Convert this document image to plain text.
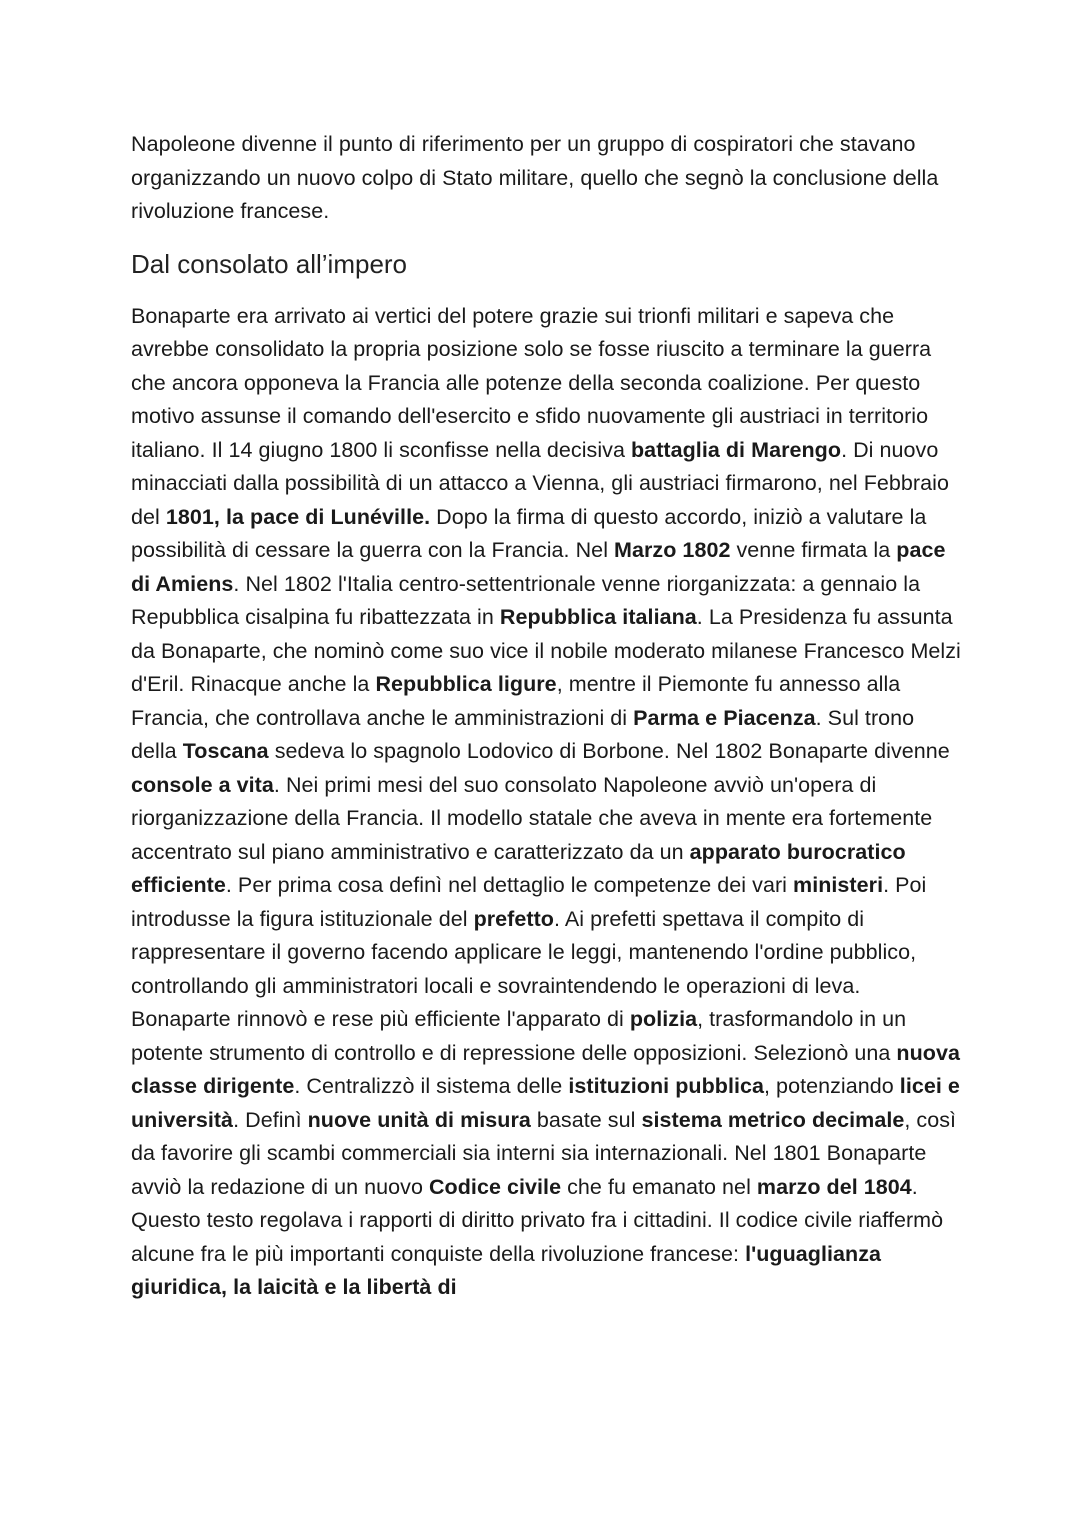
Napoleone divenne il punto di riferimento per un gruppo di cospiratori che stavano organizzando un nuovo colpo di Stato militare, quello che segnò la conclusione della rivoluzione francese.

Dal consolato all’impero

Bonaparte era arrivato ai vertici del potere grazie sui trionfi militari e sapeva che avrebbe consolidato la propria posizione solo se fosse riuscito a terminare la guerra che ancora opponeva la Francia alle potenze della seconda coalizione. Per questo motivo assunse il comando dell'esercito e sfido nuovamente gli austriaci in territorio italiano. Il 14 giugno 1800 li sconfisse nella decisiva battaglia di Marengo. Di nuovo minacciati dalla possibilità di un attacco a Vienna, gli austriaci firmarono, nel Febbraio del 1801, la pace di Lunéville. Dopo la firma di questo accordo, iniziò a valutare la possibilità di cessare la guerra con la Francia. Nel Marzo 1802 venne firmata la pace di Amiens. Nel 1802 l'Italia centro-settentrionale venne riorganizzata: a gennaio la Repubblica cisalpina fu ribattezzata in Repubblica italiana. La Presidenza fu assunta da Bonaparte, che nominò come suo vice il nobile moderato milanese Francesco Melzi d'Eril. Rinacque anche la Repubblica ligure, mentre il Piemonte fu annesso alla Francia, che controllava anche le amministrazioni di Parma e Piacenza. Sul trono della Toscana sedeva lo spagnolo Lodovico di Borbone. Nel 1802 Bonaparte divenne console a vita. Nei primi mesi del suo consolato Napoleone avviò un'opera di riorganizzazione della Francia. Il modello statale che aveva in mente era fortemente accentrato sul piano amministrativo e caratterizzato da un apparato burocratico efficiente. Per prima cosa definì nel dettaglio le competenze dei vari ministeri. Poi introdusse la figura istituzionale del prefetto. Ai prefetti spettava il compito di rappresentare il governo facendo applicare le leggi, mantenendo l'ordine pubblico, controllando gli amministratori locali e sovraintendendo le operazioni di leva. Bonaparte rinnovò e rese più efficiente l'apparato di polizia, trasformandolo in un potente strumento di controllo e di repressione delle opposizioni. Selezionò una nuova classe dirigente. Centralizzò il sistema delle istituzioni pubblica, potenziando licei e università. Definì nuove unità di misura basate sul sistema metrico decimale, così da favorire gli scambi commerciali sia interni sia internazionali. Nel 1801 Bonaparte avviò la redazione di un nuovo Codice civile che fu emanato nel marzo del 1804. Questo testo regolava i rapporti di diritto privato fra i cittadini. Il codice civile riaffermò alcune fra le più importanti conquiste della rivoluzione francese: l'uguaglianza giuridica, la laicità e la libertà di
